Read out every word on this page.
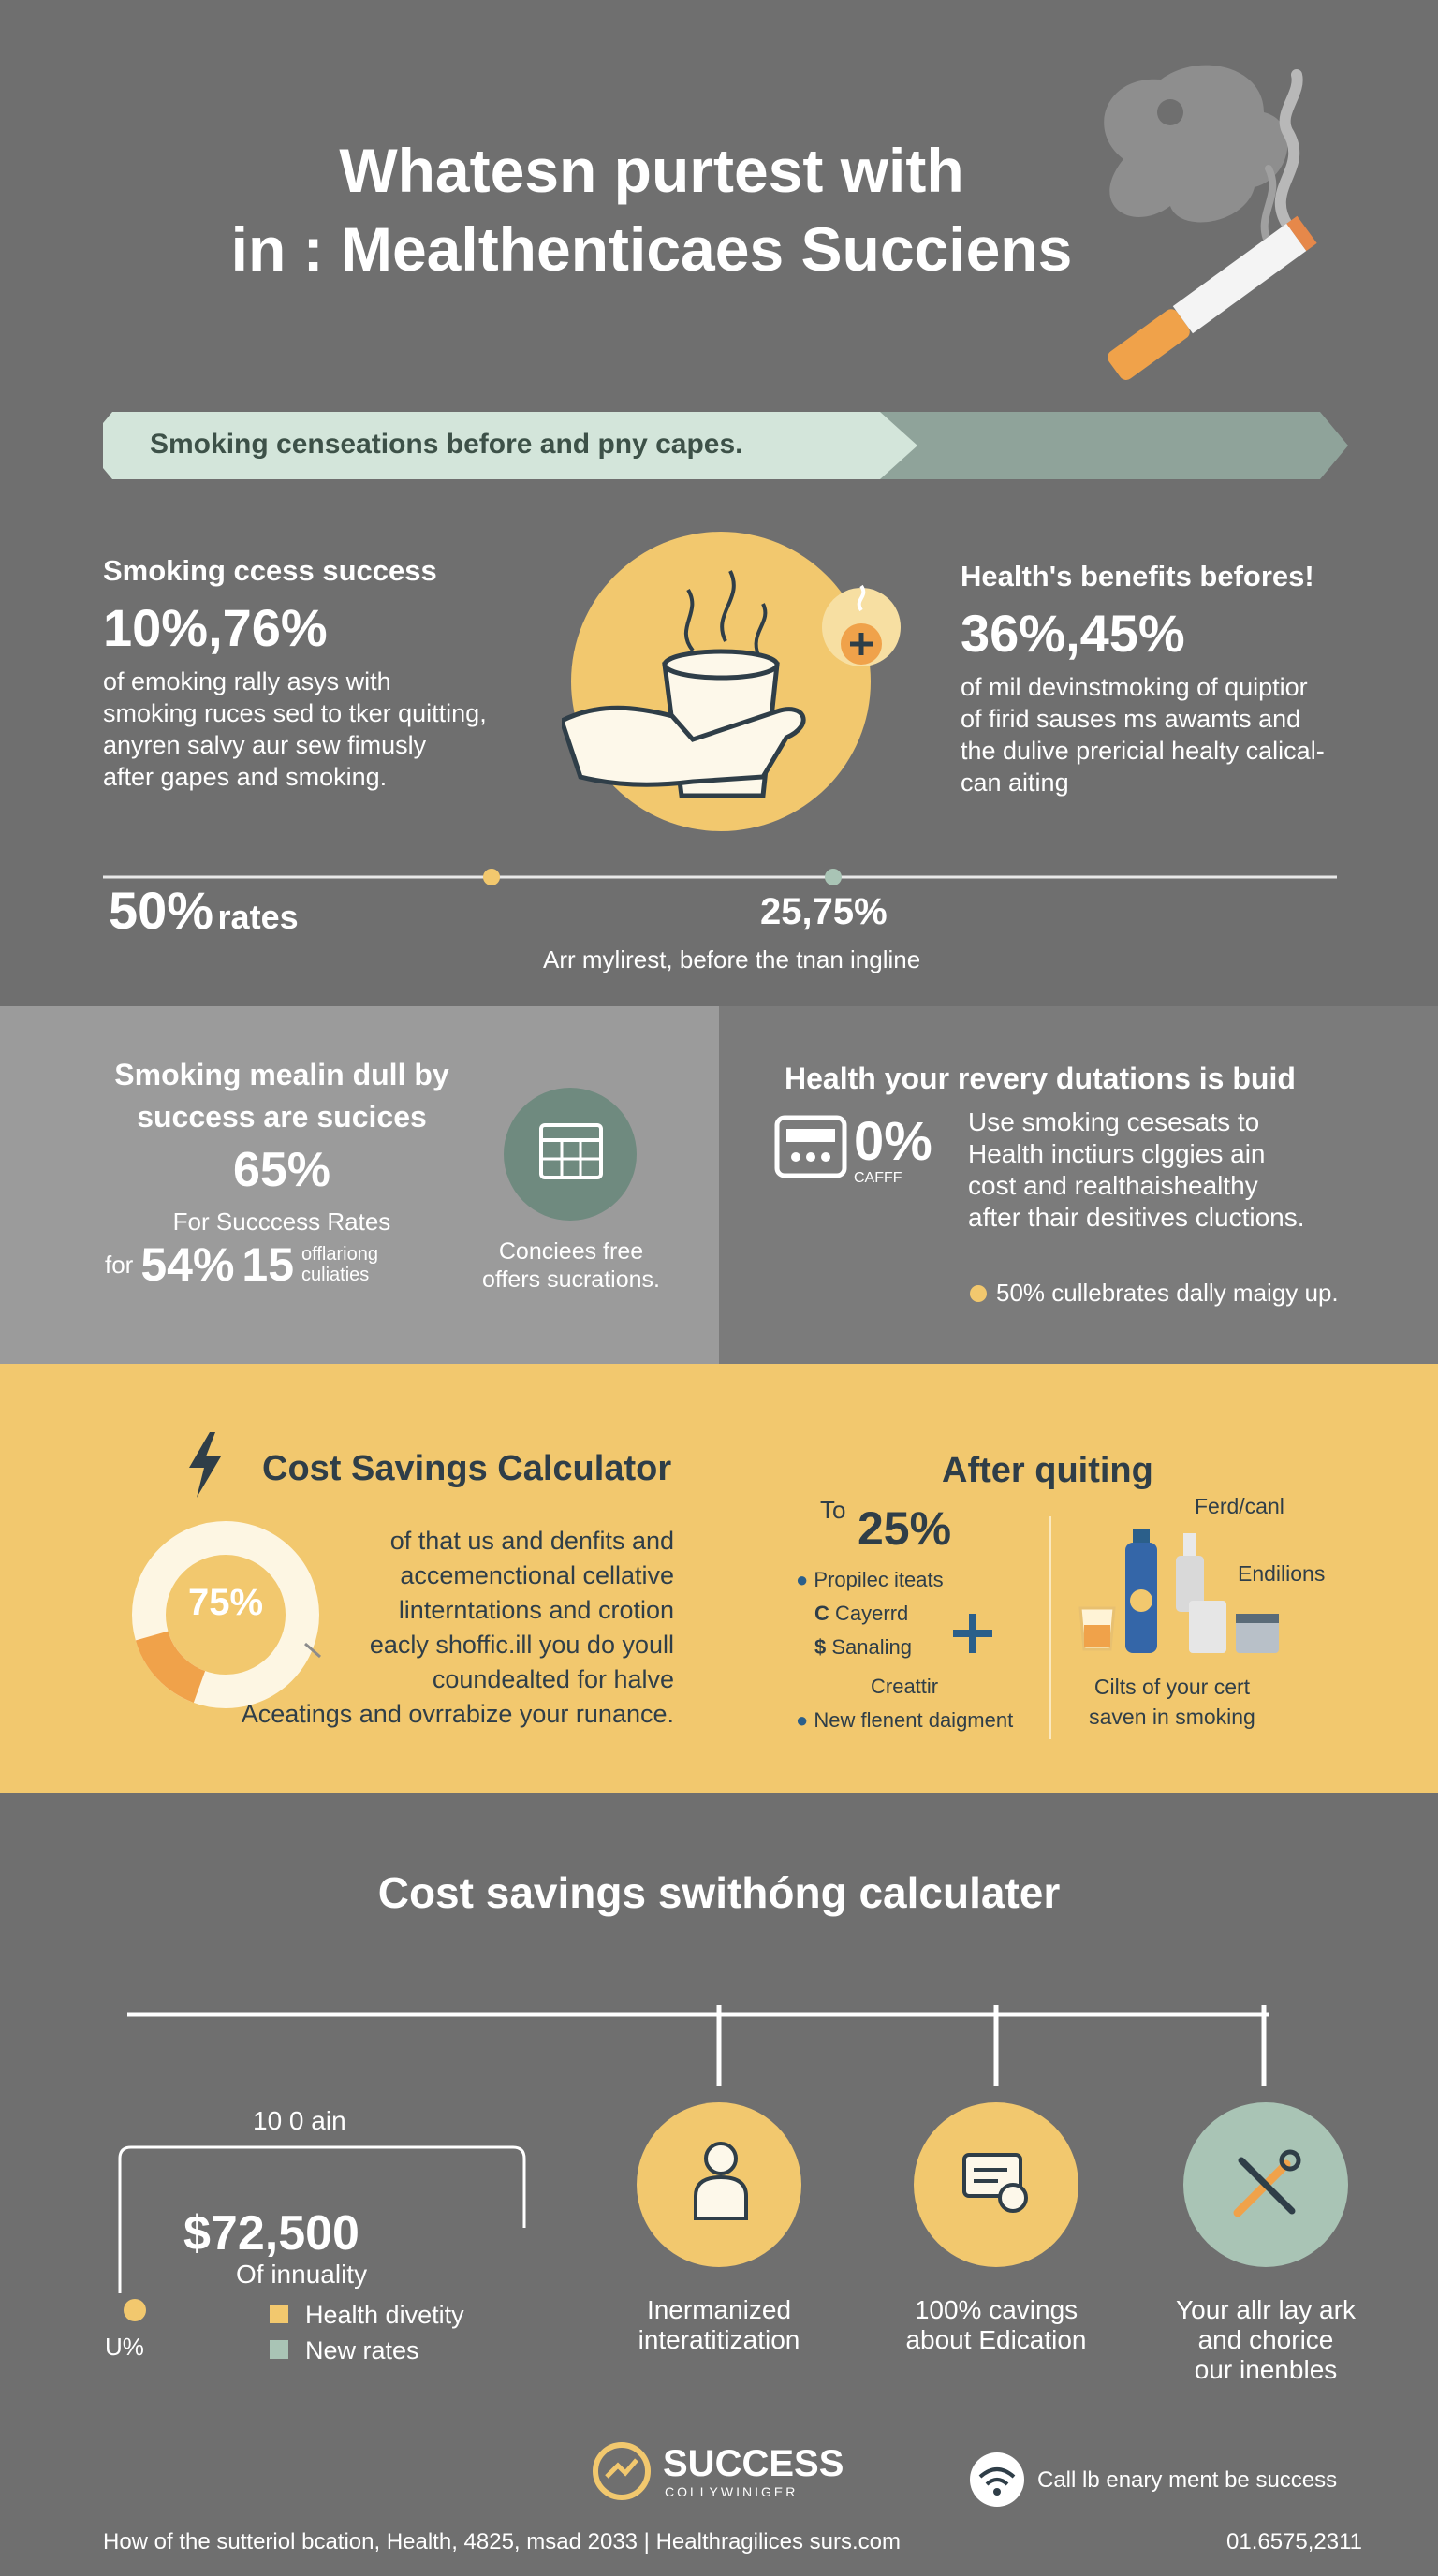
Whatesn purtest with
in : Mealthenticaes Succiens
Smoking censeations before and pny capes.
Smoking ccess success
10%,76%
of emoking rally asys with
smoking ruces sed to tker quitting,
anyren salvy aur sew fimusly
after gapes and smoking.
Health's benefits befores!
36%,45%
of mil devinstmoking of quiptior
of firid sauses ms awamts and
the dulive prericial healty calical-
can aiting
50% rates	25,75%
Arr mylirest, before the tnan ingline
Smoking mealin dull by
success are sucices
65%
For Succcess Rates
for 54% 15 offlariong
culiaties
Conciees free
offers sucrations.
Health your revery dutations is buid
0%
CAFFF
Use smoking cesesats to
Health inctiurs clggies ain
cost and realthaishealthy
after thair desitives cluctions.
50% cullebrates dally maigy up.
Cost Savings Calculator
75%
of that us and denfits and
accemenctional cellative
linterntations and crotion
eacly shoffic.ill you do youll
coundealted for halve
Aceatings and ovrrabize your runance.
After quiting
To 25%
● Propilec iteats
C Cayerrd
$ Sanaling
Creattir
● New flenent daigment
Ferd/canl
Endilions
Cilts of your cert
saven in smoking
Cost savings swithóng calculater
10 0 ain
$72,500
Of innuality
U%
Health divetity
New rates
Inermanized
interatitization
100% cavings
about Edication
Your allr lay ark
and chorice
our inenbles
SUCCESS
COLLYWINIGER	Call lb enary ment be success
How of the sutteriol bcation, Health, 4825, msad 2033 | Healthragilices surs.com	01.6575,2311
